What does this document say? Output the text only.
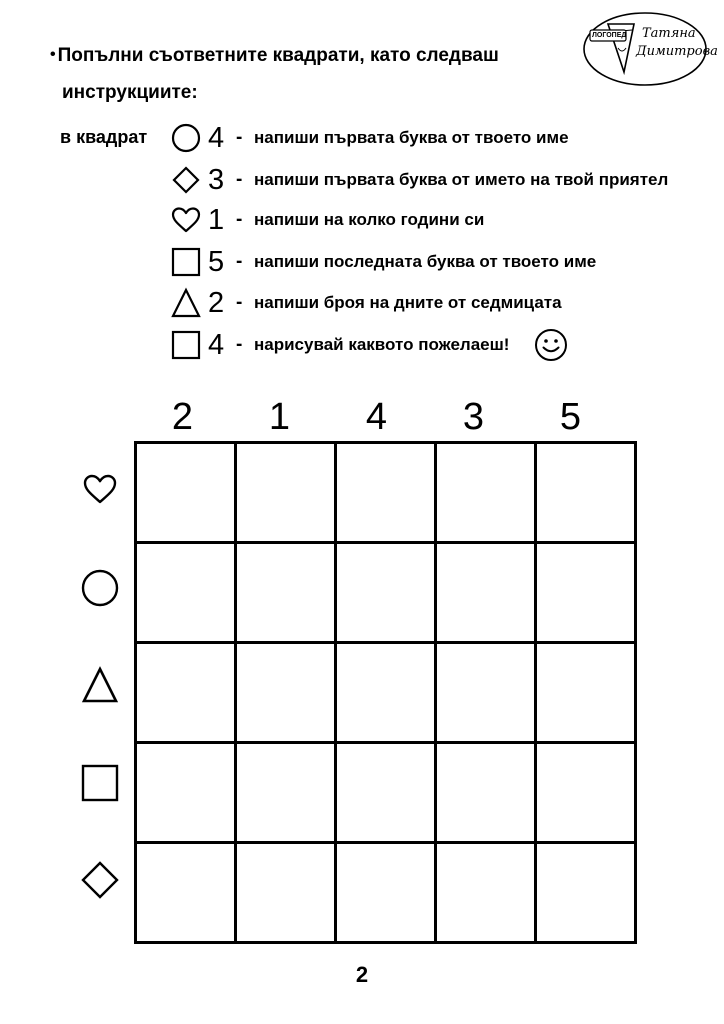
• Попълни съответните квадрати, като следваш
инструкциите:
ЛОГОПЕД Татяна
Димитрова
в квадрат 4 - напиши първата буква от твоето име
3 - напиши първата буква от името на твой приятел
1 - напиши на колко години си
5 - напиши последната буква от твоето име
2 - напиши броя на дните от седмицата
4 - нарисувай каквото пожелаеш!
2	1	4	3	5

2
